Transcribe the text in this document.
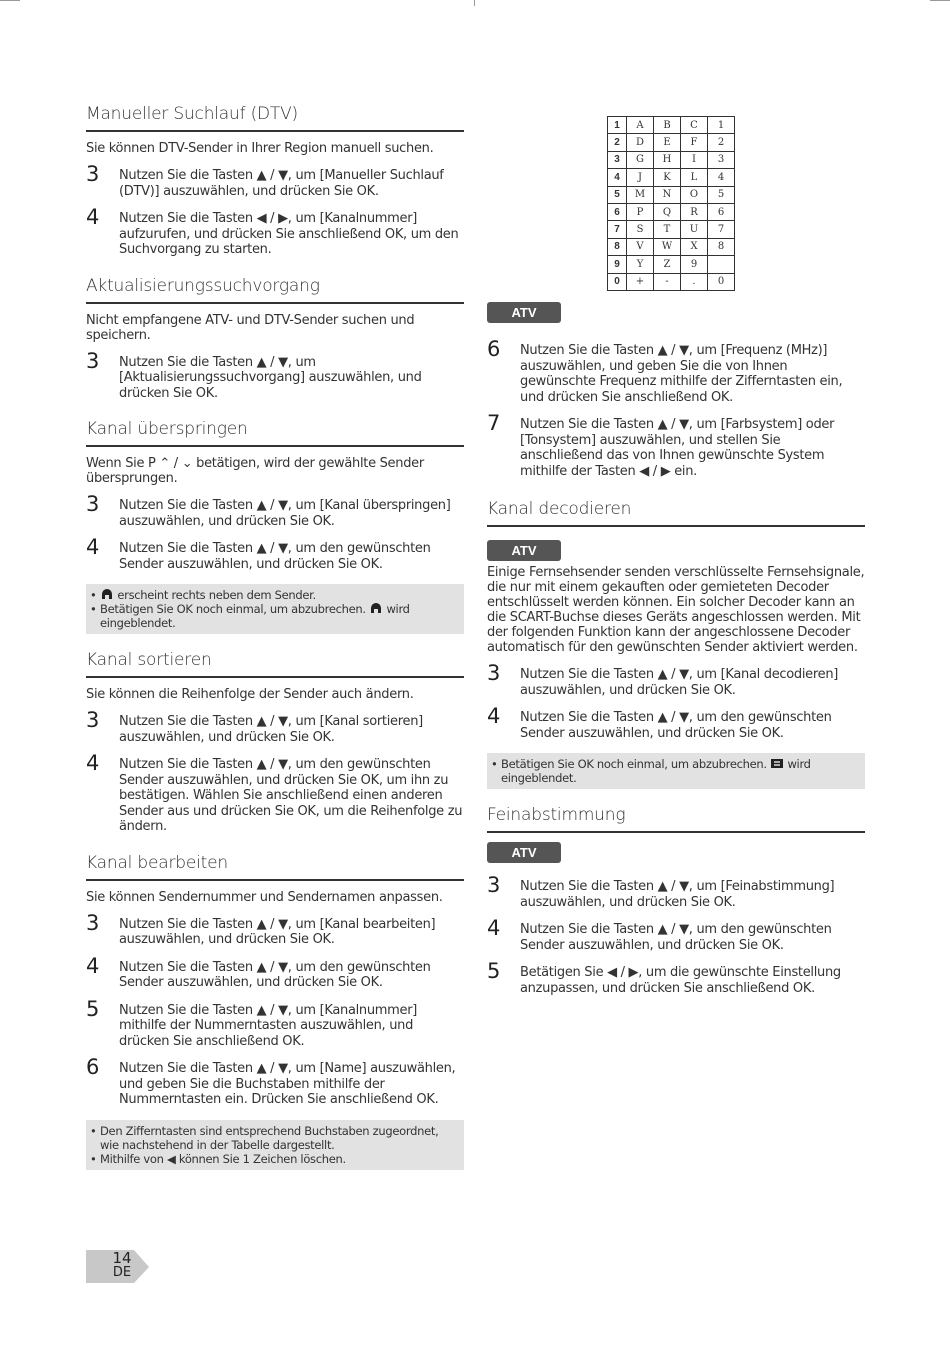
Manueller Suchlauf (DTV)
Sie können DTV-Sender in Ihrer Region manuell suchen.
3	Nutzen Sie die Tasten ▲ / ▼, um [Manueller Suchlauf (DTV)] auszuwählen, und drücken Sie OK.
4	Nutzen Sie die Tasten ◀ / ▶, um [Kanalnummer] aufzurufen, und drücken Sie anschließend OK, um den Suchvorgang zu starten.
Aktualisierungssuchvorgang
Nicht empfangene ATV- und DTV-Sender suchen und speichern.
3	Nutzen Sie die Tasten ▲ / ▼, um [Aktualisierungssuchvorgang] auszuwählen, und drücken Sie OK.
Kanal überspringen
Wenn Sie P ⌃ / ⌄ betätigen, wird der gewählte Sender übersprungen.
3	Nutzen Sie die Tasten ▲ / ▼, um [Kanal überspringen] auszuwählen, und drücken Sie OK.
4	Nutzen Sie die Tasten ▲ / ▼, um den gewünschten Sender auszuwählen, und drücken Sie OK.
•	erscheint rechts neben dem Sender.
• Betätigen Sie OK noch einmal, um abzubrechen. wird eingeblendet.
Kanal sortieren
Sie können die Reihenfolge der Sender auch ändern.
3	Nutzen Sie die Tasten ▲ / ▼, um [Kanal sortieren] auszuwählen, und drücken Sie OK.
4	Nutzen Sie die Tasten ▲ / ▼, um den gewünschten Sender auszuwählen, und drücken Sie OK, um ihn zu bestätigen. Wählen Sie anschließend einen anderen Sender aus und drücken Sie OK, um die Reihenfolge zu ändern.
Kanal bearbeiten
Sie können Sendernummer und Sendernamen anpassen.
3	Nutzen Sie die Tasten ▲ / ▼, um [Kanal bearbeiten] auszuwählen, und drücken Sie OK.
4	Nutzen Sie die Tasten ▲ / ▼, um den gewünschten Sender auszuwählen, und drücken Sie OK.
5	Nutzen Sie die Tasten ▲ / ▼, um [Kanalnummer] mithilfe der Nummerntasten auszuwählen, und drücken Sie anschließend OK.
6	Nutzen Sie die Tasten ▲ / ▼, um [Name] auszuwählen, und geben Sie die Buchstaben mithilfe der Nummerntasten ein. Drücken Sie anschließend OK.
• Den Zifferntasten sind entsprechend Buchstaben zugeordnet, wie nachstehend in der Tabelle dargestellt.
• Mithilfe von ◀ können Sie 1 Zeichen löschen.
1	A	B	C	1
2	D	E	F	2
3	G	H	I	3
4	J	K	L	4
5	M	N	O	5
6	P	Q	R	6
7	S	T	U	7
8	V	W	X	8
9	Y	Z	9	
0	+	-	.	0
ATV
6	Nutzen Sie die Tasten ▲ / ▼, um [Frequenz (MHz)] auszuwählen, und geben Sie die von Ihnen gewünschte Frequenz mithilfe der Zifferntasten ein, und drücken Sie anschließend OK.
7	Nutzen Sie die Tasten ▲ / ▼, um [Farbsystem] oder [Tonsystem] auszuwählen, und stellen Sie anschließend das von Ihnen gewünschte System mithilfe der Tasten ◀ / ▶ ein.
Kanal decodieren
ATV
Einige Fernsehsender senden verschlüsselte Fernsehsignale, die nur mit einem gekauften oder gemieteten Decoder entschlüsselt werden können. Ein solcher Decoder kann an die SCART-Buchse dieses Geräts angeschlossen werden. Mit der folgenden Funktion kann der angeschlossene Decoder automatisch für den gewünschten Sender aktiviert werden.
3	Nutzen Sie die Tasten ▲ / ▼, um [Kanal decodieren] auszuwählen, und drücken Sie OK.
4	Nutzen Sie die Tasten ▲ / ▼, um den gewünschten Sender auszuwählen, und drücken Sie OK.
• Betätigen Sie OK noch einmal, um abzubrechen. wird eingeblendet.
Feinabstimmung
ATV
3	Nutzen Sie die Tasten ▲ / ▼, um [Feinabstimmung] auszuwählen, und drücken Sie OK.
4	Nutzen Sie die Tasten ▲ / ▼, um den gewünschten Sender auszuwählen, und drücken Sie OK.
5	Betätigen Sie ◀ / ▶, um die gewünschte Einstellung anzupassen, und drücken Sie anschließend OK.
14
DE
